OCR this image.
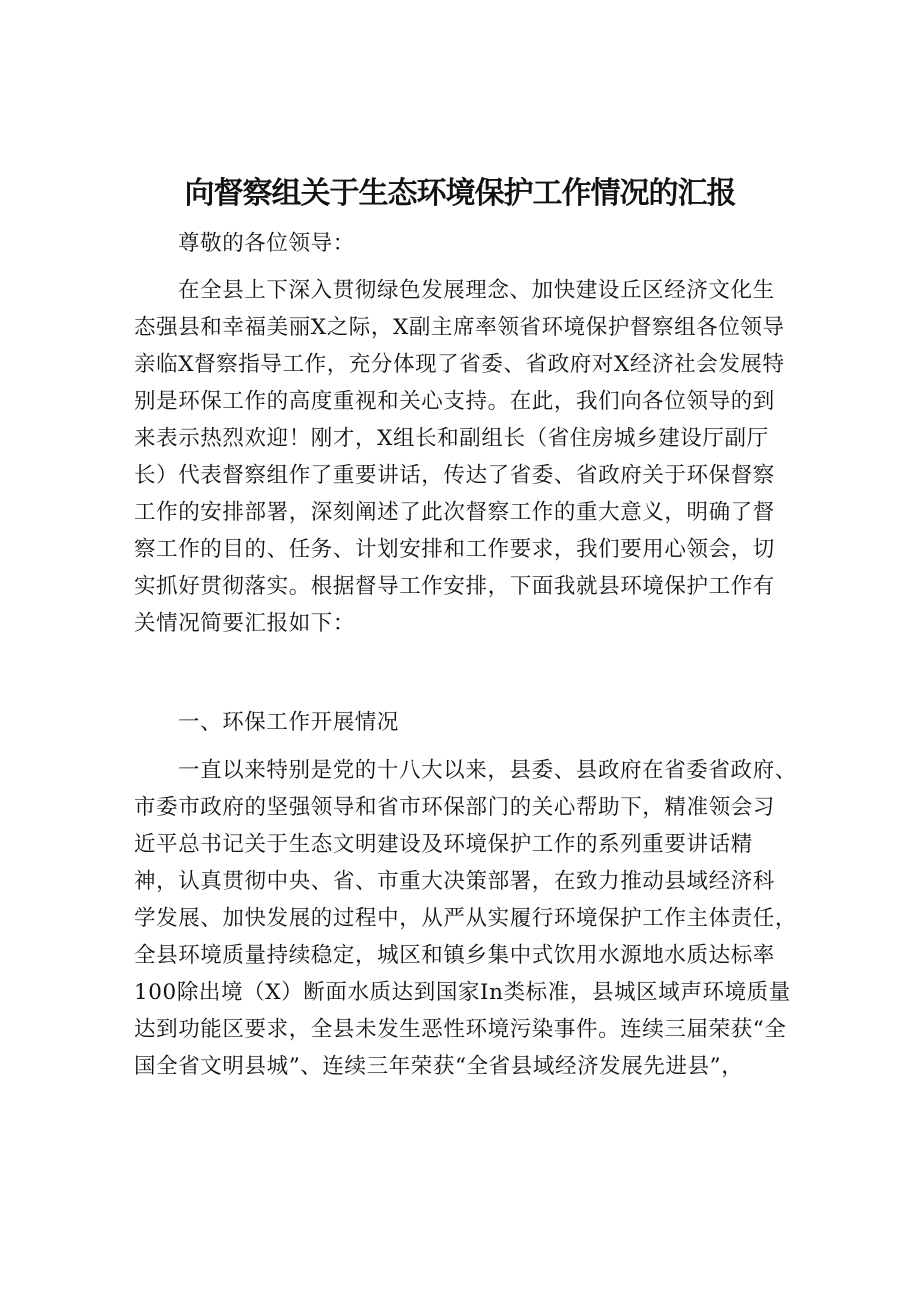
向督察组关于生态环境保护工作情况的汇报
尊敬的各位领导：
在全县上下深入贯彻绿色发展理念、加快建设丘区经济文化生
态强县和幸福美丽X之际，X副主席率领省环境保护督察组各位领导
亲临X督察指导工作，充分体现了省委、省政府对X经济社会发展特
别是环保工作的高度重视和关心支持。在此，我们向各位领导的到
来表示热烈欢迎！刚才，X组长和副组长（省住房城乡建设厅副厅
长）代表督察组作了重要讲话，传达了省委、省政府关于环保督察
工作的安排部署，深刻阐述了此次督察工作的重大意义，明确了督
察工作的目的、任务、计划安排和工作要求，我们要用心领会，切
实抓好贯彻落实。根据督导工作安排，下面我就县环境保护工作有
关情况简要汇报如下：
一、环保工作开展情况
一直以来特别是党的十八大以来，县委、县政府在省委省政府、
市委市政府的坚强领导和省市环保部门的关心帮助下，精准领会习
近平总书记关于生态文明建设及环境保护工作的系列重要讲话精
神，认真贯彻中央、省、市重大决策部署，在致力推动县域经济科
学发展、加快发展的过程中，从严从实履行环境保护工作主体责任，
全县环境质量持续稳定，城区和镇乡集中式饮用水源地水质达标率
100除出境（X）断面水质达到国家In类标准，县城区域声环境质量
达到功能区要求，全县未发生恶性环境污染事件。连续三届荣获“全
国全省文明县城”、连续三年荣获“全省县域经济发展先进县”，
